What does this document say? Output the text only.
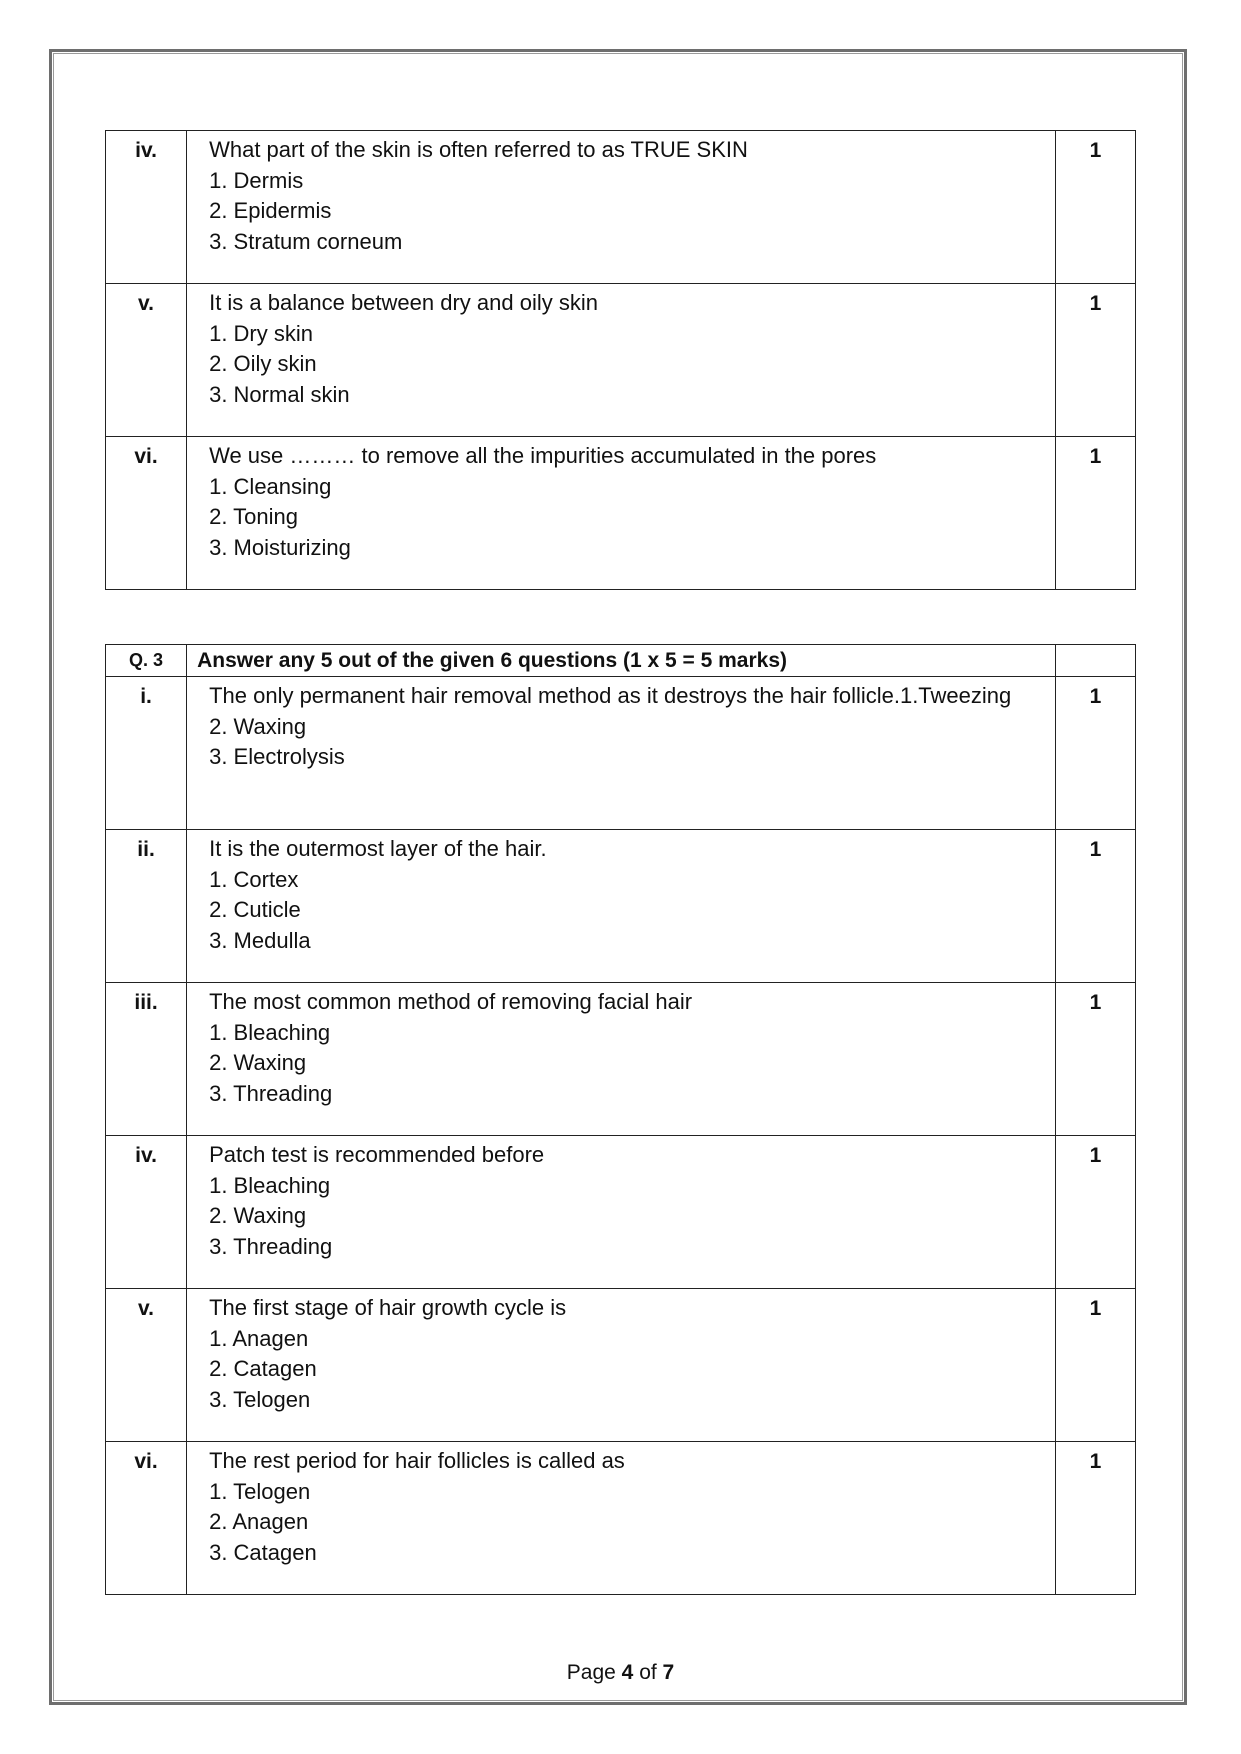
iv.	What part of the skin is often referred to as TRUE SKIN
1. Dermis
2. Epidermis
3. Stratum corneum	1
v.	It is a balance between dry and oily skin
1. Dry skin
2. Oily skin
3. Normal skin	1
vi.	We use ……… to remove all the impurities accumulated in the pores
1. Cleansing
2. Toning
3. Moisturizing	1
Q. 3	Answer any 5 out of the given 6 questions (1 x 5 = 5 marks)	
i.	The only permanent hair removal method as it destroys the hair follicle.1.Tweezing
2. Waxing
3. Electrolysis	1
ii.	It is the outermost layer of the hair.
1. Cortex
2. Cuticle
3. Medulla	1
iii.	The most common method of removing facial hair
1. Bleaching
2. Waxing
3. Threading	1
iv.	Patch test is recommended before
1. Bleaching
2. Waxing
3. Threading	1
v.	The first stage of hair growth cycle is
1. Anagen
2. Catagen
3. Telogen	1
vi.	The rest period for hair follicles is called as
1. Telogen
2. Anagen
3. Catagen	1
Page 4 of 7
